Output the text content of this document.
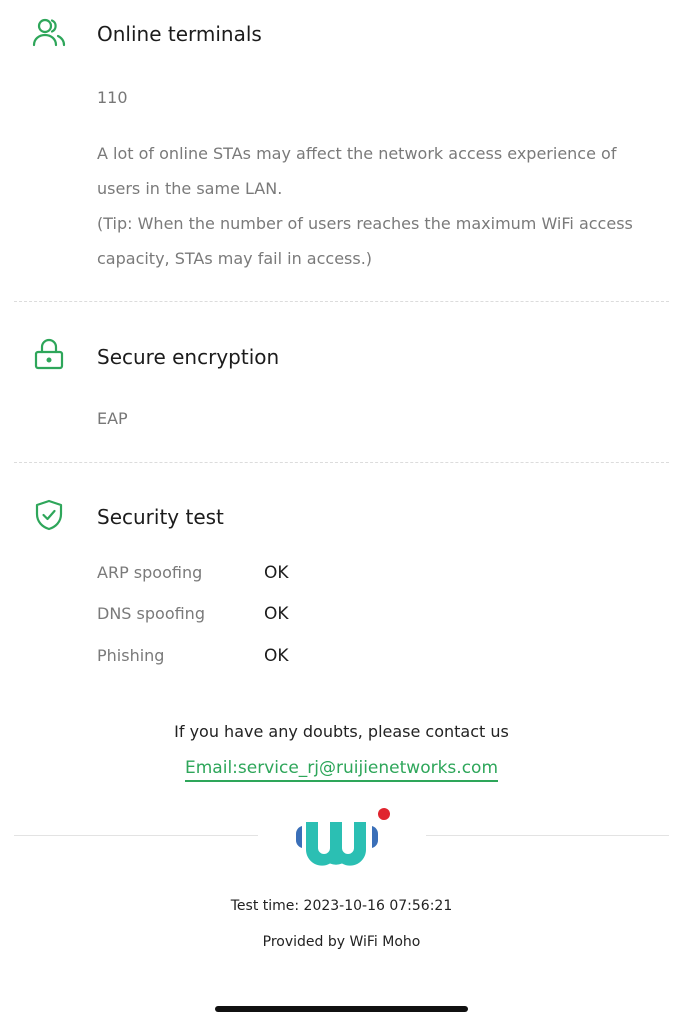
Online terminals
110
A lot of online STAs may affect the network access experience of users in the same LAN.
(Tip: When the number of users reaches the maximum WiFi access capacity, STAs may fail in access.)
Secure encryption
EAP
Security test
ARP spoofing	OK
DNS spoofing	OK
Phishing	OK
If you have any doubts, please contact us
Email:service_rj@ruijienetworks.com
Test time: 2023-10-16 07:56:21
Provided by WiFi Moho
